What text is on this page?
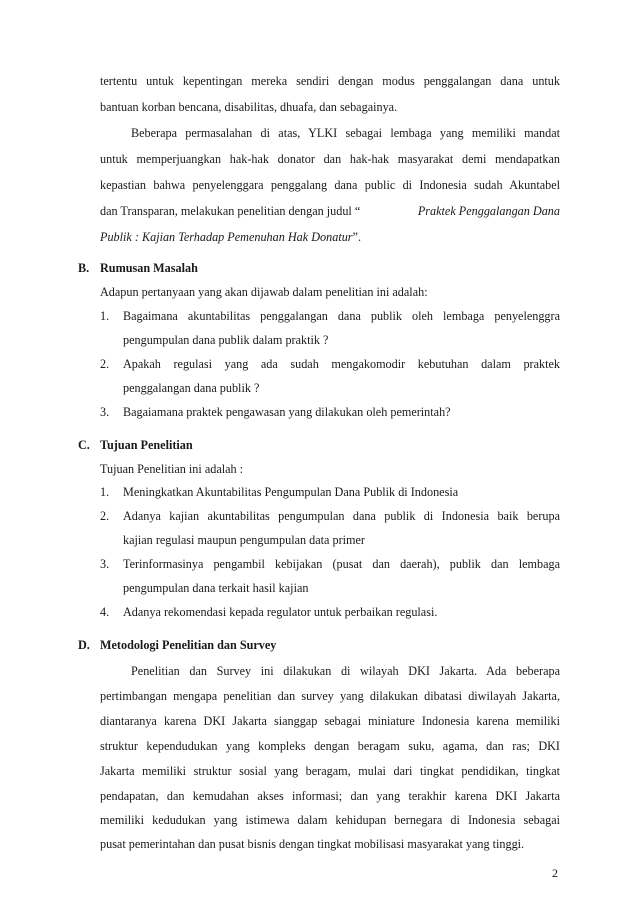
tertentu untuk kepentingan mereka sendiri dengan modus penggalangan dana untuk
bantuan korban bencana, disabilitas, dhuafa, dan sebagainya.
Beberapa permasalahan di atas, YLKI sebagai lembaga yang memiliki mandat
untuk memperjuangkan hak-hak donator dan hak-hak masyarakat demi mendapatkan
kepastian bahwa penyelenggara penggalang dana public di Indonesia sudah Akuntabel
dan Transparan, melakukan penelitian dengan judul “	Praktek Penggalangan Dana
Publik : Kajian Terhadap Pemenuhan Hak Donatur”.
B. Rumusan Masalah
Adapun pertanyaan yang akan dijawab dalam penelitian ini adalah:
1. Bagaimana akuntabilitas penggalangan dana publik oleh lembaga penyelenggra
pengumpulan dana publik dalam praktik ?
2. Apakah regulasi yang ada sudah mengakomodir kebutuhan dalam praktek
penggalangan dana publik ?
3. Bagaiamana praktek pengawasan yang dilakukan oleh pemerintah?
C. Tujuan Penelitian
Tujuan Penelitian ini adalah :
1. Meningkatkan Akuntabilitas Pengumpulan Dana Publik di Indonesia
2. Adanya kajian akuntabilitas pengumpulan dana publik di Indonesia baik berupa
kajian regulasi maupun pengumpulan data primer
3. Terinformasinya pengambil kebijakan (pusat dan daerah), publik dan lembaga
pengumpulan dana terkait hasil kajian
4. Adanya rekomendasi kepada regulator untuk perbaikan regulasi.
D. Metodologi Penelitian dan Survey
Penelitian dan Survey ini dilakukan di wilayah DKI Jakarta. Ada beberapa
pertimbangan mengapa penelitian dan survey yang dilakukan dibatasi diwilayah Jakarta,
diantaranya karena DKI Jakarta sianggap sebagai miniature Indonesia karena memiliki
struktur kependudukan yang kompleks dengan beragam suku, agama, dan ras; DKI
Jakarta memiliki struktur sosial yang beragam, mulai dari tingkat pendidikan, tingkat
pendapatan, dan kemudahan akses informasi; dan yang terakhir karena DKI Jakarta
memiliki kedudukan yang istimewa dalam kehidupan bernegara di Indonesia sebagai
pusat pemerintahan dan pusat bisnis dengan tingkat mobilisasi masyarakat yang tinggi.
2
